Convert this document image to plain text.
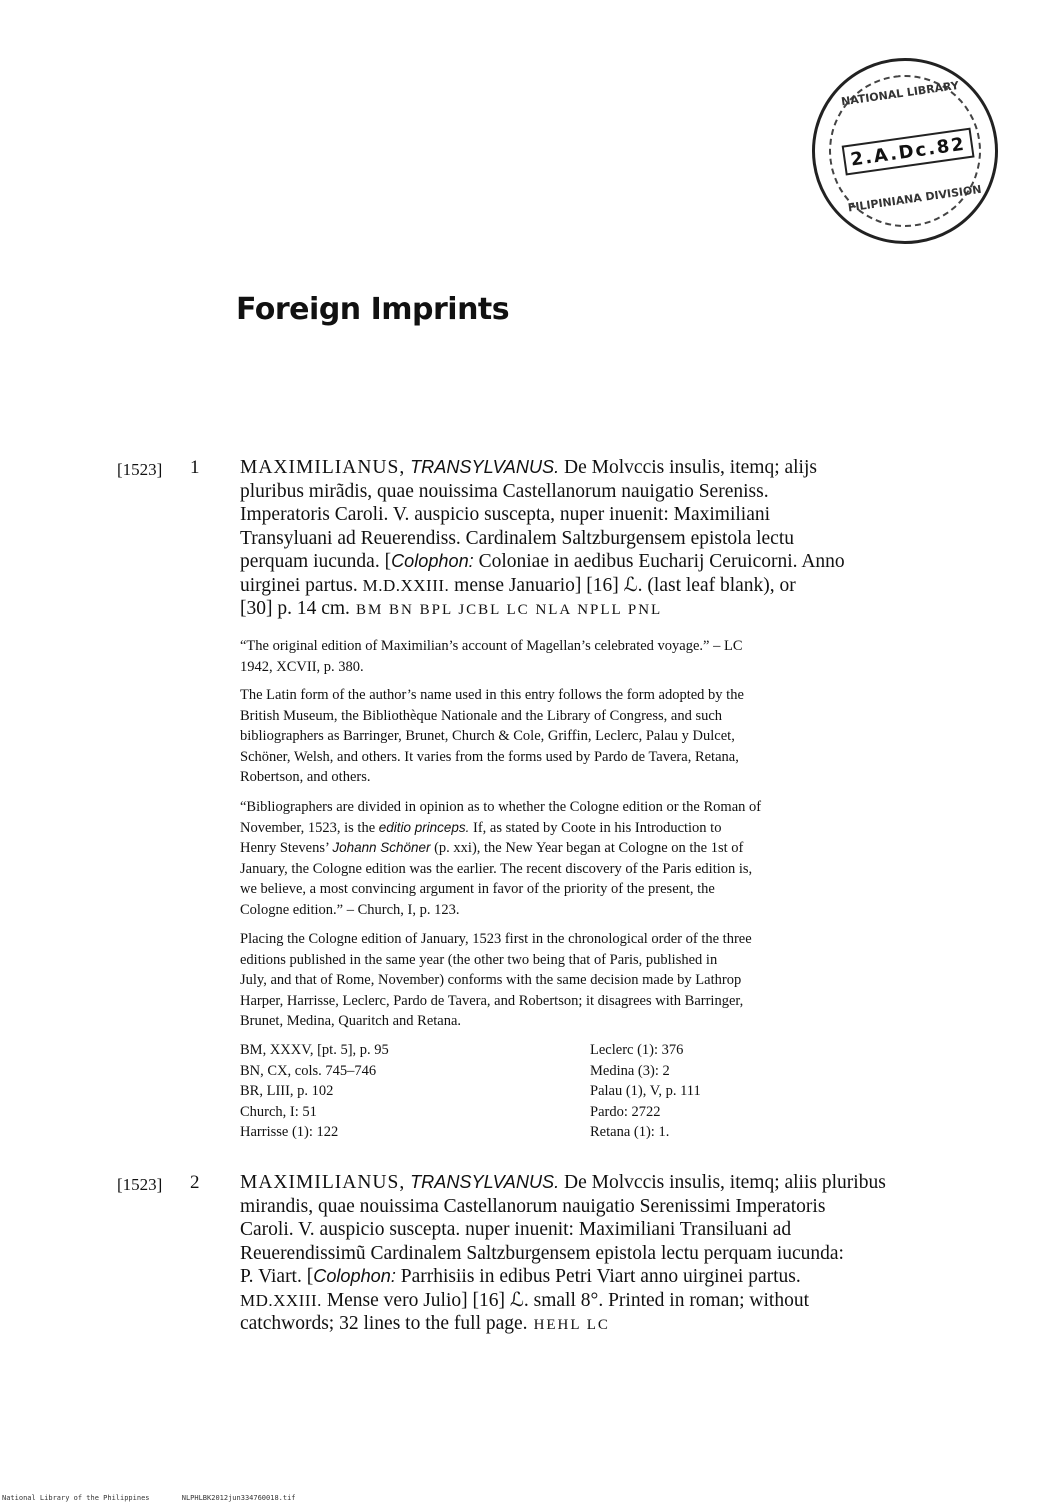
NATIONAL LIBRARY
2.A.Dc.82
FILIPINIANA DIVISION
Foreign Imprints
[1523] 1 MAXIMILIANUS, TRANSYLVANUS. De Molvccis insulis, itemq; alijs
pluribus mirãdis, quae nouissima Castellanorum nauigatio Sereniss.
Imperatoris Caroli. V. auspicio suscepta, nuper inuenit: Maximiliani
Transyluani ad Reuerendiss. Cardinalem Saltzburgensem epistola lectu
perquam iucunda. [Colophon: Coloniae in aedibus Eucharij Ceruicorni. Anno
uirginei partus. M.D.XXIII. mense Januario] [16] ℒ. (last leaf blank), or
[30] p. 14 cm. BM BN BPL JCBL LC NLA NPLL PNL
“The original edition of Maximilian’s account of Magellan’s celebrated voyage.” – LC
1942, XCVII, p. 380.
The Latin form of the author’s name used in this entry follows the form adopted by the
British Museum, the Bibliothèque Nationale and the Library of Congress, and such
bibliographers as Barringer, Brunet, Church & Cole, Griffin, Leclerc, Palau y Dulcet,
Schöner, Welsh, and others. It varies from the forms used by Pardo de Tavera, Retana,
Robertson, and others.
“Bibliographers are divided in opinion as to whether the Cologne edition or the Roman of
November, 1523, is the editio princeps. If, as stated by Coote in his Introduction to
Henry Stevens’ Johann Schöner (p. xxi), the New Year began at Cologne on the 1st of
January, the Cologne edition was the earlier. The recent discovery of the Paris edition is,
we believe, a most convincing argument in favor of the priority of the present, the
Cologne edition.” – Church, I, p. 123.
Placing the Cologne edition of January, 1523 first in the chronological order of the three
editions published in the same year (the other two being that of Paris, published in
July, and that of Rome, November) conforms with the same decision made by Lathrop
Harper, Harrisse, Leclerc, Pardo de Tavera, and Robertson; it disagrees with Barringer,
Brunet, Medina, Quaritch and Retana.
BM, XXXV, [pt. 5], p. 95
BN, CX, cols. 745–746
BR, LIII, p. 102
Church, I: 51
Harrisse (1): 122
Leclerc (1): 376
Medina (3): 2
Palau (1), V, p. 111
Pardo: 2722
Retana (1): 1.
[1523] 2 MAXIMILIANUS, TRANSYLVANUS. De Molvccis insulis, itemq; aliis pluribus
mirandis, quae nouissima Castellanorum nauigatio Serenissimi Imperatoris
Caroli. V. auspicio suscepta. nuper inuenit: Maximiliani Transiluani ad
Reuerendissimũ Cardinalem Saltzburgensem epistola lectu perquam iucunda:
P. Viart. [Colophon: Parrhisiis in edibus Petri Viart anno uirginei partus.
MD.XXIII. Mense vero Julio] [16] ℒ. small 8°. Printed in roman; without
catchwords; 32 lines to the full page. HEHL LC
National Library of the Philippines	NLPHLBK2012jun334760018.tif
